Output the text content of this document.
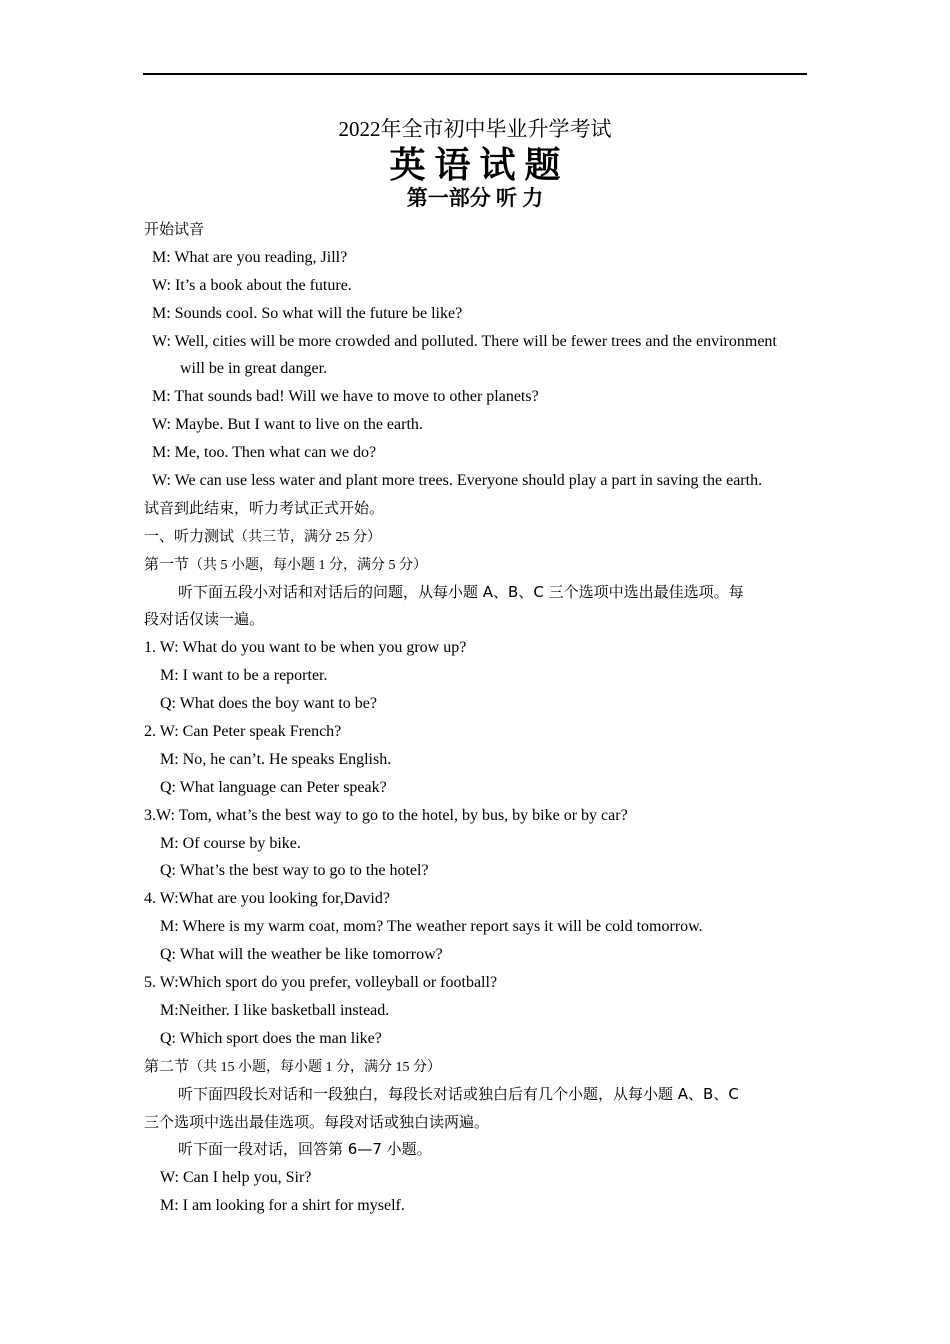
2022年全市初中毕业升学考试
英 语 试 题
第一部分 听 力
开始试音
M: What are you reading, Jill?
W: It’s a book about the future.
M: Sounds cool. So what will the future be like?
W: Well, cities will be more crowded and polluted. There will be fewer trees and the environment
will be in great danger.
M: That sounds bad! Will we have to move to other planets?
W: Maybe. But I want to live on the earth.
M: Me, too. Then what can we do?
W: We can use less water and plant more trees. Everyone should play a part in saving the earth.
试音到此结束，听力考试正式开始。
一、听力测试（共三节，满分 25 分）
第一节（共 5 小题，每小题 1 分，满分 5 分）
听下面五段小对话和对话后的问题，从每小题 A、B、C 三个选项中选出最佳选项。每
段对话仅读一遍。
1. W: What do you want to be when you grow up?
M: I want to be a reporter.
Q: What does the boy want to be?
2. W: Can Peter speak French?
M: No, he can’t. He speaks English.
Q: What language can Peter speak?
3.W: Tom, what’s the best way to go to the hotel, by bus, by bike or by car?
M: Of course by bike.
Q: What’s the best way to go to the hotel?
4. W:What are you looking for,David?
M: Where is my warm coat, mom? The weather report says it will be cold tomorrow.
Q: What will the weather be like tomorrow?
5. W:Which sport do you prefer, volleyball or football?
M:Neither. I like basketball instead.
Q: Which sport does the man like?
第二节（共 15 小题，每小题 1 分，满分 15 分）
听下面四段长对话和一段独白，每段长对话或独白后有几个小题，从每小题 A、B、C
三个选项中选出最佳选项。每段对话或独白读两遍。
听下面一段对话，回答第 6—7 小题。
W: Can I help you, Sir?
M: I am looking for a shirt for myself.
